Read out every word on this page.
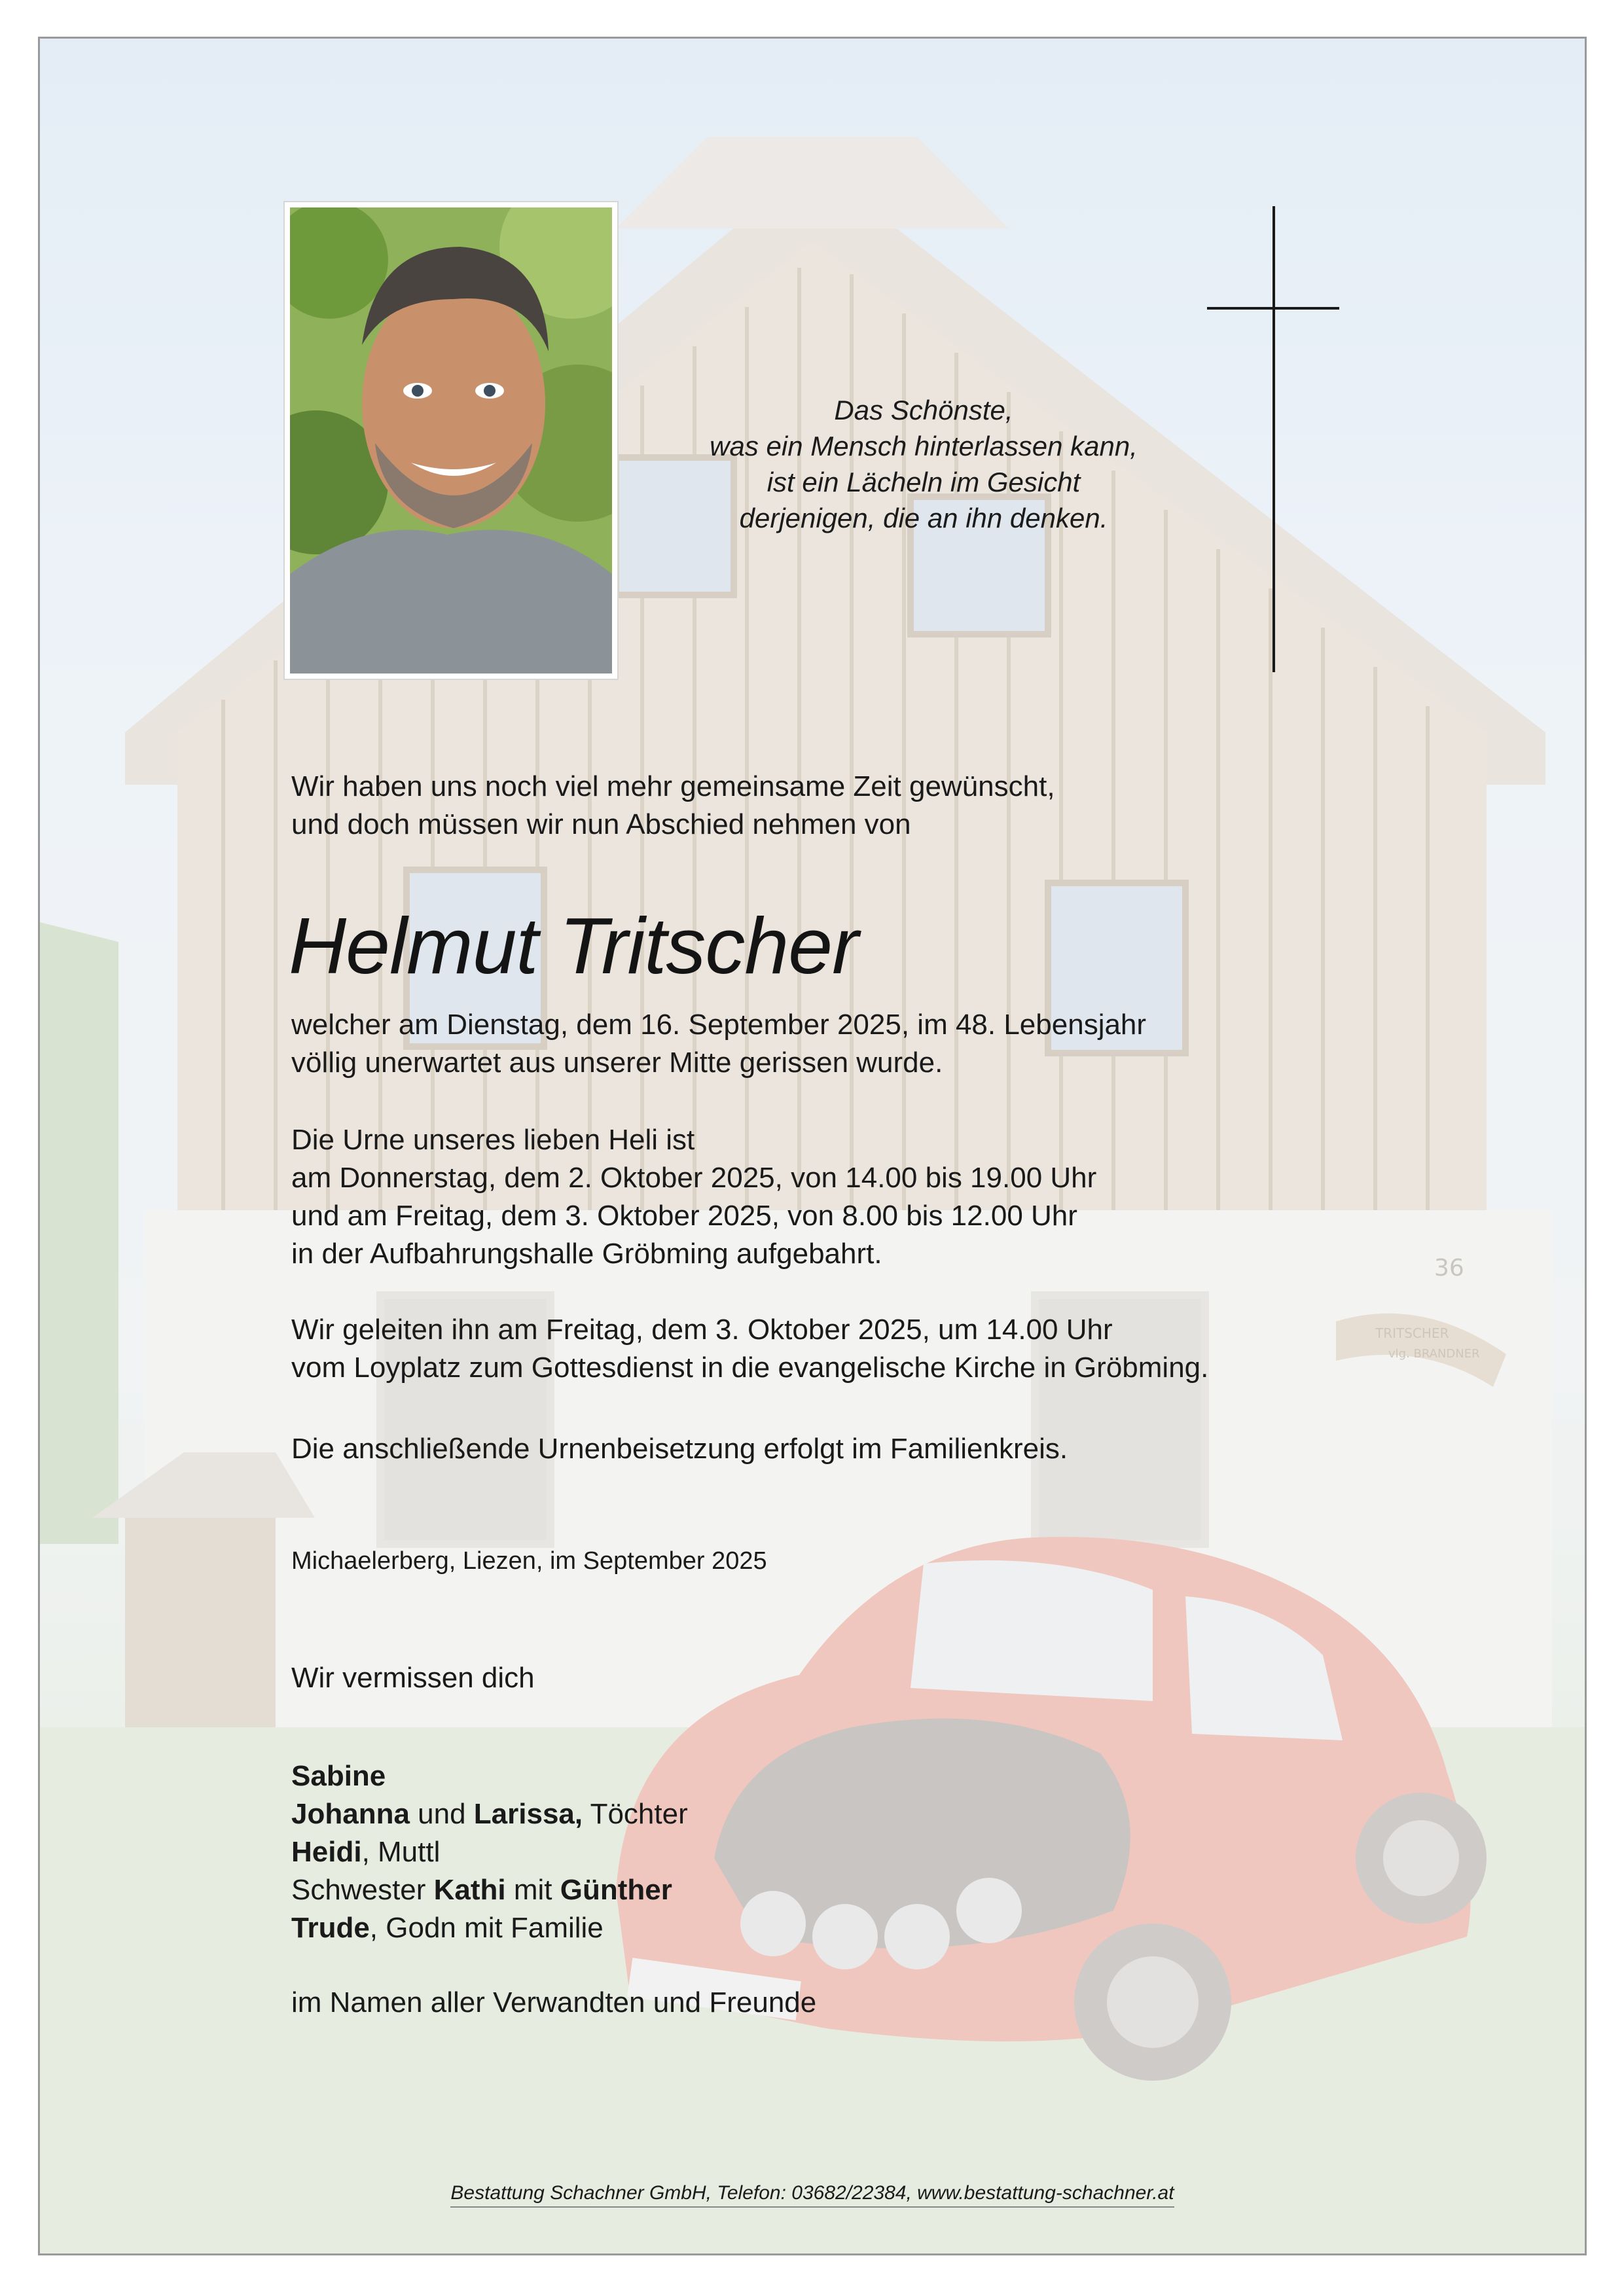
36
TRITSCHER
vlg. BRANDNER
Das Schönste,
was ein Mensch hinterlassen kann,
ist ein Lächeln im Gesicht
derjenigen, die an ihn denken.
Wir haben uns noch viel mehr gemeinsame Zeit gewünscht,
und doch müssen wir nun Abschied nehmen von
Helmut Tritscher
welcher am Dienstag, dem 16. September 2025, im 48. Lebensjahr
völlig unerwartet aus unserer Mitte gerissen wurde.
Die Urne unseres lieben Heli ist
am Donnerstag, dem 2. Oktober 2025, von 14.00 bis 19.00 Uhr
und am Freitag, dem 3. Oktober 2025, von 8.00 bis 12.00 Uhr
in der Aufbahrungshalle Gröbming aufgebahrt.
Wir geleiten ihn am Freitag, dem 3. Oktober 2025, um 14.00 Uhr
vom Loyplatz zum Gottesdienst in die evangelische Kirche in Gröbming.
Die anschließende Urnenbeisetzung erfolgt im Familienkreis.
Michaelerberg, Liezen, im September 2025
Wir vermissen dich
Sabine
Johanna und Larissa, Töchter
Heidi, Muttl
Schwester Kathi mit Günther
Trude, Godn mit Familie
im Namen aller Verwandten und Freunde
Bestattung Schachner GmbH, Telefon: 03682/22384, www.bestattung-schachner.at
